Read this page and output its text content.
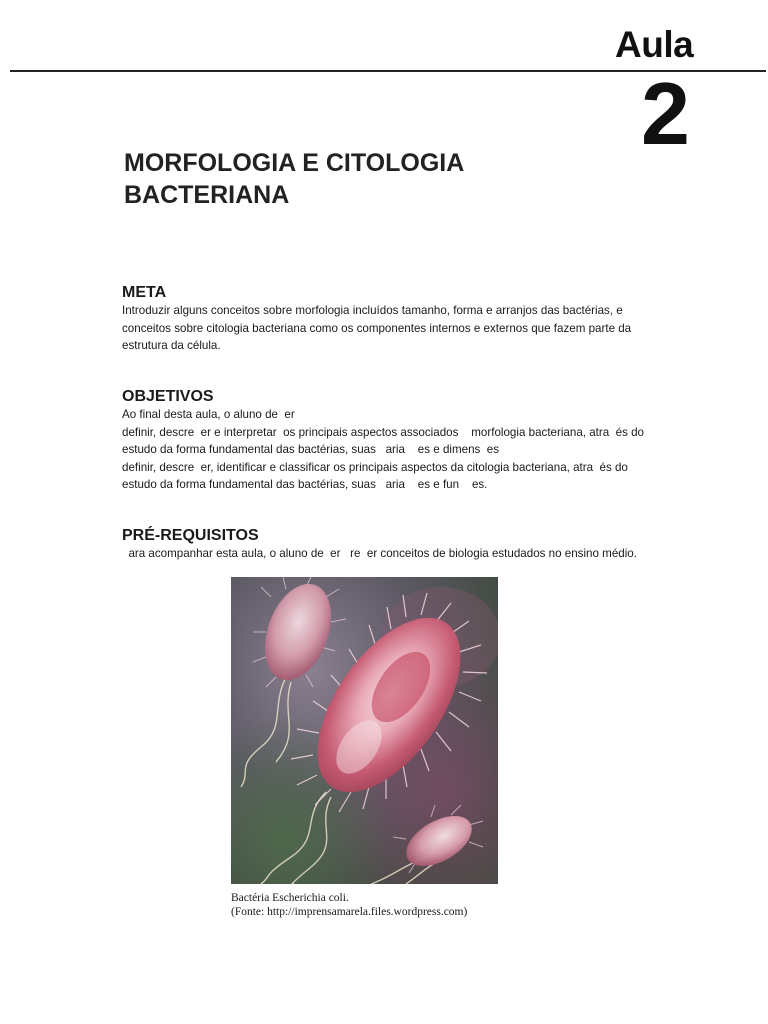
Aula
2
MORFOLOGIA E CITOLOGIA
BACTERIANA
META

Introduzir alguns conceitos sobre morfologia incluídos tamanho, forma e arranjos das bactérias, e

conceitos sobre citologia bacteriana como os componentes internos e externos que fazem parte da

estrutura da célula.

OBJETIVOS

Ao final desta aula, o aluno de  er

definir, descre  er e interpretar  os principais aspectos associados    morfologia bacteriana, atra  és do

estudo da forma fundamental das bactérias, suas   aria    es e dimens  es

definir, descre  er, identificar e classificar os principais aspectos da citologia bacteriana, atra  és do

estudo da forma fundamental das bactérias, suas   aria    es e fun    es.

PRÉ-REQUISITOS

ara acompanhar esta aula, o aluno de  er   re  er conceitos de biologia estudados no ensino médio.

Bactéria Escherichia coli.
(Fonte: http://imprensamarela.files.wordpress.com)
